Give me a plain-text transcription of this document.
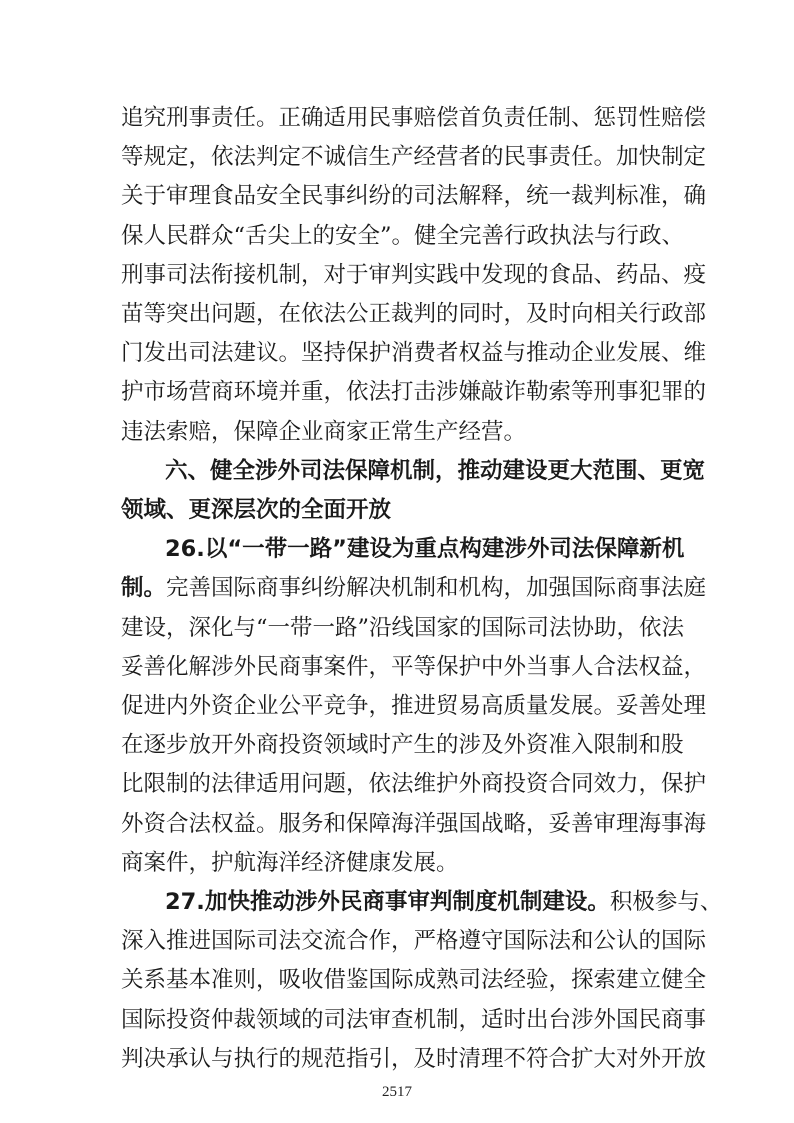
追究刑事责任。正确适用民事赔偿首负责任制、惩罚性赔偿
等规定，依法判定不诚信生产经营者的民事责任。加快制定
关于审理食品安全民事纠纷的司法解释，统一裁判标准，确
保人民群众“舌尖上的安全”。健全完善行政执法与行政、
刑事司法衔接机制，对于审判实践中发现的食品、药品、疫
苗等突出问题，在依法公正裁判的同时，及时向相关行政部
门发出司法建议。坚持保护消费者权益与推动企业发展、维
护市场营商环境并重，依法打击涉嫌敲诈勒索等刑事犯罪的
违法索赔，保障企业商家正常生产经营。
六、健全涉外司法保障机制，推动建设更大范围、更宽
领域、更深层次的全面开放
26.以“一带一路”建设为重点构建涉外司法保障新机
制。完善国际商事纠纷解决机制和机构，加强国际商事法庭
建设，深化与“一带一路”沿线国家的国际司法协助，依法
妥善化解涉外民商事案件，平等保护中外当事人合法权益，
促进内外资企业公平竞争，推进贸易高质量发展。妥善处理
在逐步放开外商投资领域时产生的涉及外资准入限制和股
比限制的法律适用问题，依法维护外商投资合同效力，保护
外资合法权益。服务和保障海洋强国战略，妥善审理海事海
商案件，护航海洋经济健康发展。
27.加快推动涉外民商事审判制度机制建设。积极参与、
深入推进国际司法交流合作，严格遵守国际法和公认的国际
关系基本准则，吸收借鉴国际成熟司法经验，探索建立健全
国际投资仲裁领域的司法审查机制，适时出台涉外国民商事
判决承认与执行的规范指引，及时清理不符合扩大对外开放
2517
